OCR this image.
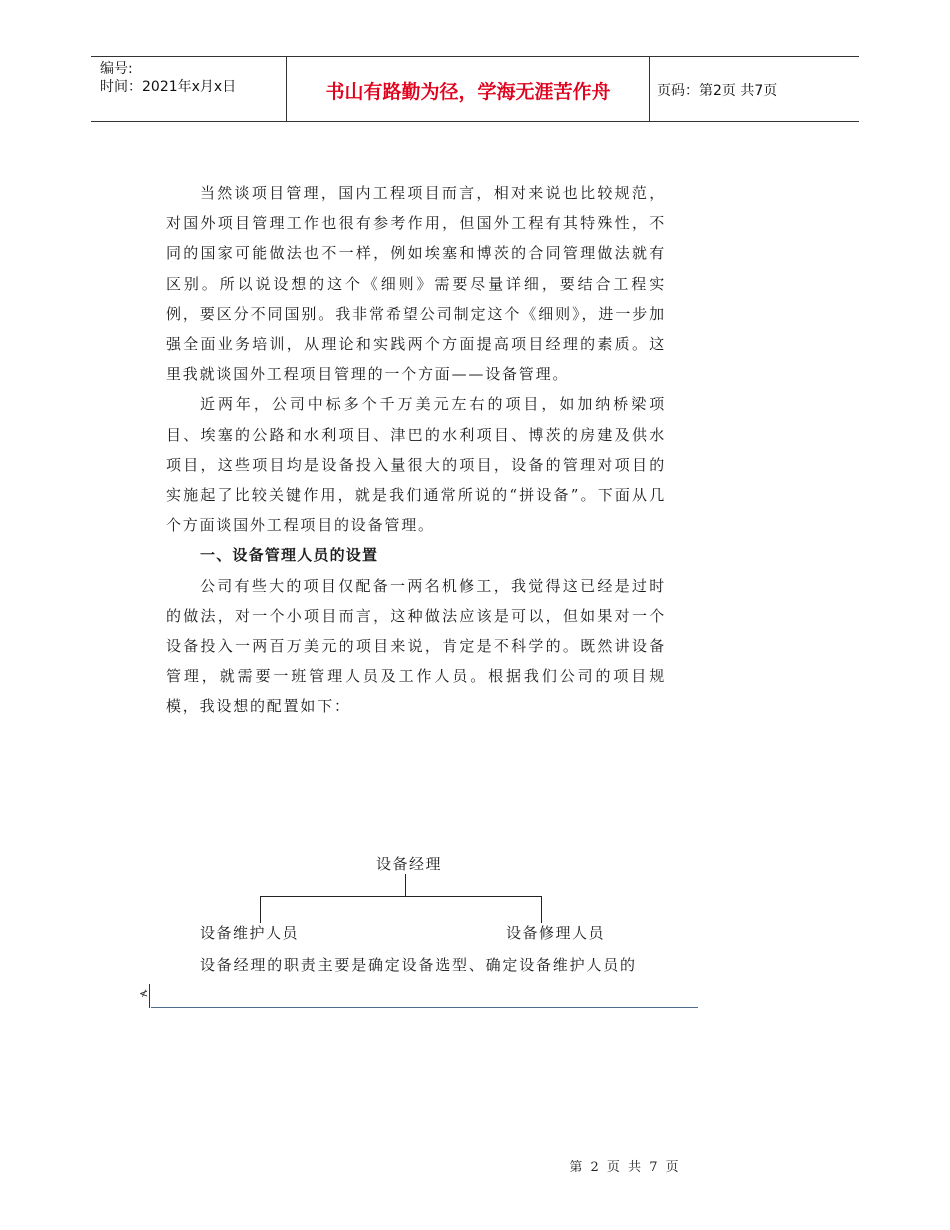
编号:
时间：2021年x月x日	书山有路勤为径，学海无涯苦作舟	页码：第2页 共7页

当然谈项目管理，国内工程项目而言，相对来说也比较规范，对国外项目管理工作也很有参考作用，但国外工程有其特殊性，不同的国家可能做法也不一样，例如埃塞和博茨的合同管理做法就有区别。所以说设想的这个《细则》需要尽量详细，要结合工程实例，要区分不同国别。我非常希望公司制定这个《细则》，进一步加强全面业务培训，从理论和实践两个方面提高项目经理的素质。这里我就谈国外工程项目管理的一个方面——设备管理。

近两年，公司中标多个千万美元左右的项目，如加纳桥梁项目、埃塞的公路和水利项目、津巴的水利项目、博茨的房建及供水项目，这些项目均是设备投入量很大的项目，设备的管理对项目的实施起了比较关键作用，就是我们通常所说的“拼设备”。下面从几个方面谈国外工程项目的设备管理。

一、设备管理人员的设置

公司有些大的项目仅配备一两名机修工，我觉得这已经是过时的做法，对一个小项目而言，这种做法应该是可以，但如果对一个设备投入一两百万美元的项目来说，肯定是不科学的。既然讲设备管理，就需要一班管理人员及工作人员。根据我们公司的项目规模，我设想的配置如下：

设备经理
设备维护人员	设备修理人员
设备经理的职责主要是确定设备选型、确定设备维护人员的
≮
第 2 页 共 7 页
